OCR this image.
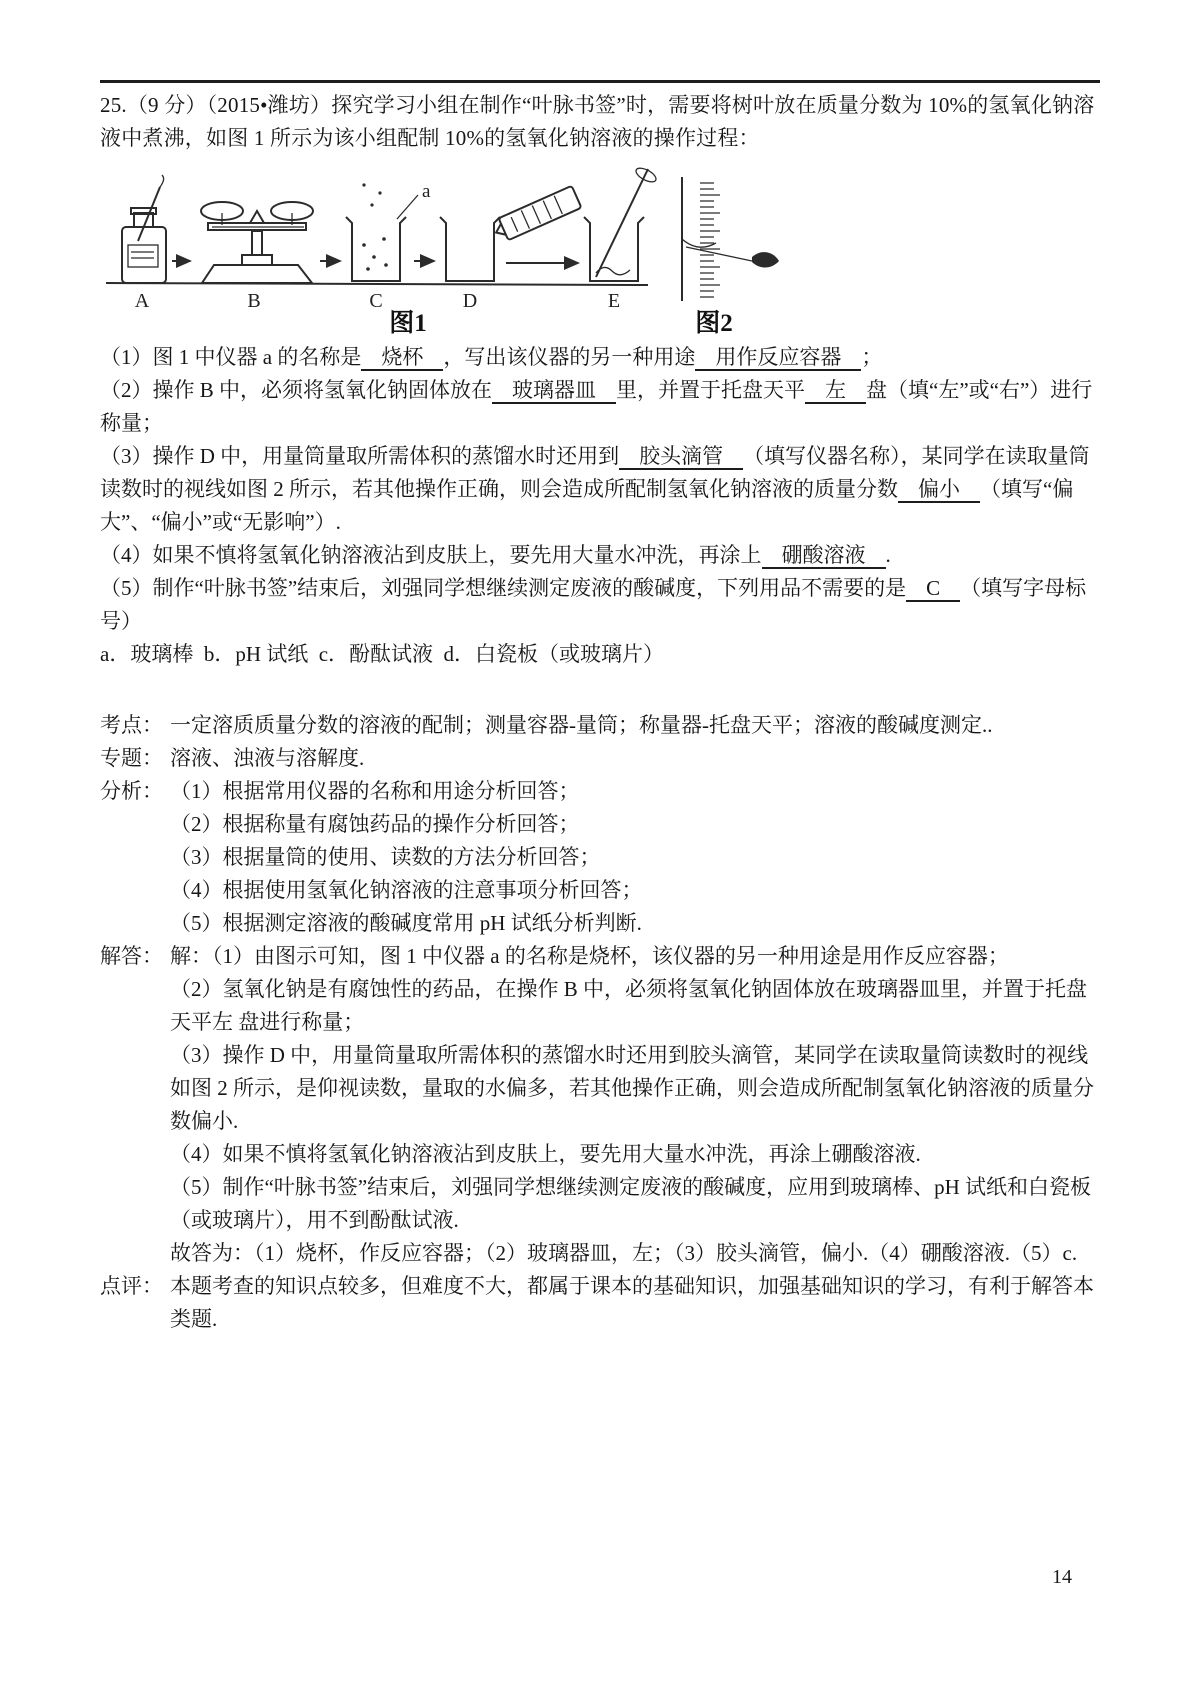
25.（9 分）（2015•潍坊）探究学习小组在制作“叶脉书签”时，需要将树叶放在质量分数为 10%的氢氧化钠溶液中煮沸，如图 1 所示为该小组配制 10%的氢氧化钠溶液的操作过程：

a
A	B	C	D	E
图1	图2

（1）图 1 中仪器 a 的名称是 烧杯 ，写出该仪器的另一种用途 用作反应容器 ；

（2）操作 B 中，必须将氢氧化钠固体放在 玻璃器皿 里，并置于托盘天平 左 盘（填“左”或“右”）进行称量；

（3）操作 D 中，用量筒量取所需体积的蒸馏水时还用到 胶头滴管 （填写仪器名称），某同学在读取量筒读数时的视线如图 2 所示，若其他操作正确，则会造成所配制氢氧化钠溶液的质量分数 偏小 （填写“偏大”、“偏小”或“无影响”）.

（4）如果不慎将氢氧化钠溶液沾到皮肤上，要先用大量水冲洗，再涂上 硼酸溶液 .

（5）制作“叶脉书签”结束后，刘强同学想继续测定废液的酸碱度，下列用品不需要的是 C （填写字母标号）

a．玻璃棒  b．pH 试纸  c．酚酞试液  d．白瓷板（或玻璃片）

考点： 一定溶质质量分数的溶液的配制；测量容器-量筒；称量器-托盘天平；溶液的酸碱度测定..

专题： 溶液、浊液与溶解度.

分析： （1）根据常用仪器的名称和用途分析回答；

（2）根据称量有腐蚀药品的操作分析回答；

（3）根据量筒的使用、读数的方法分析回答；

（4）根据使用氢氧化钠溶液的注意事项分析回答；

（5）根据测定溶液的酸碱度常用 pH 试纸分析判断.

解答： 解：（1）由图示可知，图 1 中仪器 a 的名称是烧杯，该仪器的另一种用途是用作反应容器；

（2）氢氧化钠是有腐蚀性的药品，在操作 B 中，必须将氢氧化钠固体放在玻璃器皿里，并置于托盘天平左 盘进行称量；

（3）操作 D 中，用量筒量取所需体积的蒸馏水时还用到胶头滴管，某同学在读取量筒读数时的视线如图 2 所示，是仰视读数，量取的水偏多，若其他操作正确，则会造成所配制氢氧化钠溶液的质量分数偏小.

（4）如果不慎将氢氧化钠溶液沾到皮肤上，要先用大量水冲洗，再涂上硼酸溶液.

（5）制作“叶脉书签”结束后，刘强同学想继续测定废液的酸碱度，应用到玻璃棒、pH 试纸和白瓷板（或玻璃片），用不到酚酞试液.

故答为：（1）烧杯，作反应容器；（2）玻璃器皿，左；（3）胶头滴管，偏小.（4）硼酸溶液.（5）c.

点评： 本题考查的知识点较多，但难度不大，都属于课本的基础知识，加强基础知识的学习，有利于解答本类题.

14
